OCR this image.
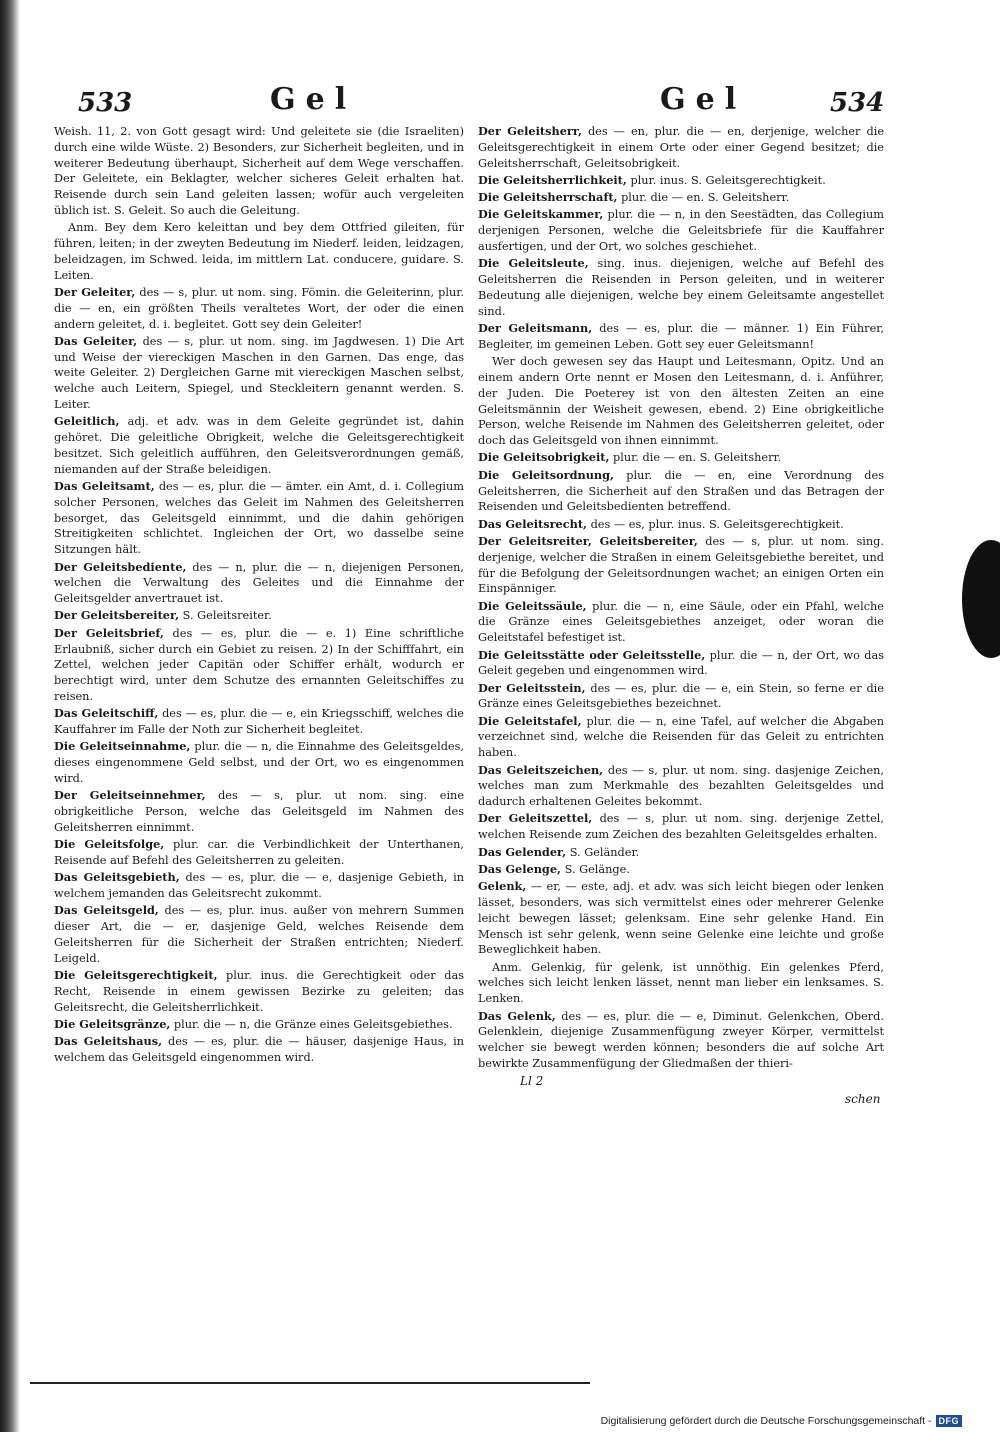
533	Gel	Gel	534

Weish. 11, 2. von Gott gesagt wird: Und geleitete sie (die Israeliten) durch eine wilde Wüste. 2) Besonders, zur Sicherheit begleiten, und in weiterer Bedeutung überhaupt, Sicherheit auf dem Wege verschaffen. Der Geleitete, ein Beklagter, welcher sicheres Geleit erhalten hat. Reisende durch sein Land geleiten lassen; wofür auch vergeleiten üblich ist. S. Geleit. So auch die Geleitung.

Anm. Bey dem Kero keleittan und bey dem Ottfried gileiten, für führen, leiten; in der zweyten Bedeutung im Niederf. leiden, leidzagen, beleidzagen, im Schwed. leida, im mittlern Lat. conducere, guidare. S. Leiten.

Der Geleiter, des — s, plur. ut nom. sing. Fömin. die Geleiterinn, plur. die — en, ein größten Theils veraltetes Wort, der oder die einen andern geleitet, d. i. begleitet. Gott sey dein Geleiter!

Das Geleiter, des — s, plur. ut nom. sing. im Jagdwesen. 1) Die Art und Weise der viereckigen Maschen in den Garnen. Das enge, das weite Geleiter. 2) Dergleichen Garne mit viereckigen Maschen selbst, welche auch Leitern, Spiegel, und Steckleitern genannt werden. S. Leiter.

Geleitlich, adj. et adv. was in dem Geleite gegründet ist, dahin gehöret. Die geleitliche Obrigkeit, welche die Geleitsgerechtigkeit besitzet. Sich geleitlich aufführen, den Geleitsverordnungen gemäß, niemanden auf der Straße beleidigen.

Das Geleitsamt, des — es, plur. die — ämter. ein Amt, d. i. Collegium solcher Personen, welches das Geleit im Nahmen des Geleitsherren besorget, das Geleitsgeld einnimmt, und die dahin gehörigen Streitigkeiten schlichtet. Ingleichen der Ort, wo dasselbe seine Sitzungen hält.

Der Geleitsbediente, des — n, plur. die — n, diejenigen Personen, welchen die Verwaltung des Geleites und die Einnahme der Geleitsgelder anvertrauet ist.

Der Geleitsbereiter, S. Geleitsreiter.

Der Geleitsbrief, des — es, plur. die — e. 1) Eine schriftliche Erlaubniß, sicher durch ein Gebiet zu reisen. 2) In der Schifffahrt, ein Zettel, welchen jeder Capitän oder Schiffer erhält, wodurch er berechtigt wird, unter dem Schutze des ernannten Geleitschiffes zu reisen.

Das Geleitschiff, des — es, plur. die — e, ein Kriegsschiff, welches die Kauffahrer im Falle der Noth zur Sicherheit begleitet.

Die Geleitseinnahme, plur. die — n, die Einnahme des Geleitsgeldes, dieses eingenommene Geld selbst, und der Ort, wo es eingenommen wird.

Der Geleitseinnehmer, des — s, plur. ut nom. sing. eine obrigkeitliche Person, welche das Geleitsgeld im Nahmen des Geleitsherren einnimmt.

Die Geleitsfolge, plur. car. die Verbindlichkeit der Unterthanen, Reisende auf Befehl des Geleitsherren zu geleiten.

Das Geleitsgebieth, des — es, plur. die — e, dasjenige Gebieth, in welchem jemanden das Geleitsrecht zukommt.

Das Geleitsgeld, des — es, plur. inus. außer von mehrern Summen dieser Art, die — er, dasjenige Geld, welches Reisende dem Geleitsherren für die Sicherheit der Straßen entrichten; Niederf. Leigeld.

Die Geleitsgerechtigkeit, plur. inus. die Gerechtigkeit oder das Recht, Reisende in einem gewissen Bezirke zu geleiten; das Geleitsrecht, die Geleitsherrlichkeit.

Die Geleitsgränze, plur. die — n, die Gränze eines Geleitsgebiethes.

Das Geleitshaus, des — es, plur. die — häuser, dasjenige Haus, in welchem das Geleitsgeld eingenommen wird.

Der Geleitsherr, des — en, plur. die — en, derjenige, welcher die Geleitsgerechtigkeit in einem Orte oder einer Gegend besitzet; die Geleitsherrschaft, Geleitsobrigkeit.

Die Geleitsherrlichkeit, plur. inus. S. Geleitsgerechtigkeit.

Die Geleitsherrschaft, plur. die — en. S. Geleitsherr.

Die Geleitskammer, plur. die — n, in den Seestädten, das Collegium derjenigen Personen, welche die Geleitsbriefe für die Kauffahrer ausfertigen, und der Ort, wo solches geschiehet.

Die Geleitsleute, sing. inus. diejenigen, welche auf Befehl des Geleitsherren die Reisenden in Person geleiten, und in weiterer Bedeutung alle diejenigen, welche bey einem Geleitsamte angestellet sind.

Der Geleitsmann, des — es, plur. die — männer. 1) Ein Führer, Begleiter, im gemeinen Leben. Gott sey euer Geleitsmann!

Wer doch gewesen sey das Haupt und Leitesmann, Opitz. Und an einem andern Orte nennt er Mosen den Leitesmann, d. i. Anführer, der Juden. Die Poeterey ist von den ältesten Zeiten an eine Geleitsmännin der Weisheit gewesen, ebend. 2) Eine obrigkeitliche Person, welche Reisende im Nahmen des Geleitsherren geleitet, oder doch das Geleitsgeld von ihnen einnimmt.

Die Geleitsobrigkeit, plur. die — en. S. Geleitsherr.

Die Geleitsordnung, plur. die — en, eine Verordnung des Geleitsherren, die Sicherheit auf den Straßen und das Betragen der Reisenden und Geleitsbedienten betreffend.

Das Geleitsrecht, des — es, plur. inus. S. Geleitsgerechtigkeit.

Der Geleitsreiter, Geleitsbereiter, des — s, plur. ut nom. sing. derjenige, welcher die Straßen in einem Geleitsgebiethe bereitet, und für die Befolgung der Geleitsordnungen wachet; an einigen Orten ein Einspänniger.

Die Geleitssäule, plur. die — n, eine Säule, oder ein Pfahl, welche die Gränze eines Geleitsgebiethes anzeiget, oder woran die Geleitstafel befestiget ist.

Die Geleitsstätte oder Geleitsstelle, plur. die — n, der Ort, wo das Geleit gegeben und eingenommen wird.

Der Geleitsstein, des — es, plur. die — e, ein Stein, so ferne er die Gränze eines Geleitsgebiethes bezeichnet.

Die Geleitstafel, plur. die — n, eine Tafel, auf welcher die Abgaben verzeichnet sind, welche die Reisenden für das Geleit zu entrichten haben.

Das Geleitszeichen, des — s, plur. ut nom. sing. dasjenige Zeichen, welches man zum Merkmahle des bezahlten Geleitsgeldes und dadurch erhaltenen Geleites bekommt.

Der Geleitszettel, des — s, plur. ut nom. sing. derjenige Zettel, welchen Reisende zum Zeichen des bezahlten Geleitsgeldes erhalten.

Das Gelender, S. Geländer.

Das Gelenge, S. Gelänge.

Gelenk, — er, — este, adj. et adv. was sich leicht biegen oder lenken lässet, besonders, was sich vermittelst eines oder mehrerer Gelenke leicht bewegen lässet; gelenksam. Eine sehr gelenke Hand. Ein Mensch ist sehr gelenk, wenn seine Gelenke eine leichte und große Beweglichkeit haben.

Anm. Gelenkig, für gelenk, ist unnöthig. Ein gelenkes Pferd, welches sich leicht lenken lässet, nennt man lieber ein lenksames. S. Lenken.

Das Gelenk, des — es, plur. die — e, Diminut. Gelenkchen, Oberd. Gelenklein, diejenige Zusammenfügung zweyer Körper, vermittelst welcher sie bewegt werden können; besonders die auf solche Art bewirkte Zusammenfügung der Gliedmaßen der thieri-

Ll 2
schen
Digitalisierung gefördert durch die Deutsche Forschungsgemeinschaft - DFG
